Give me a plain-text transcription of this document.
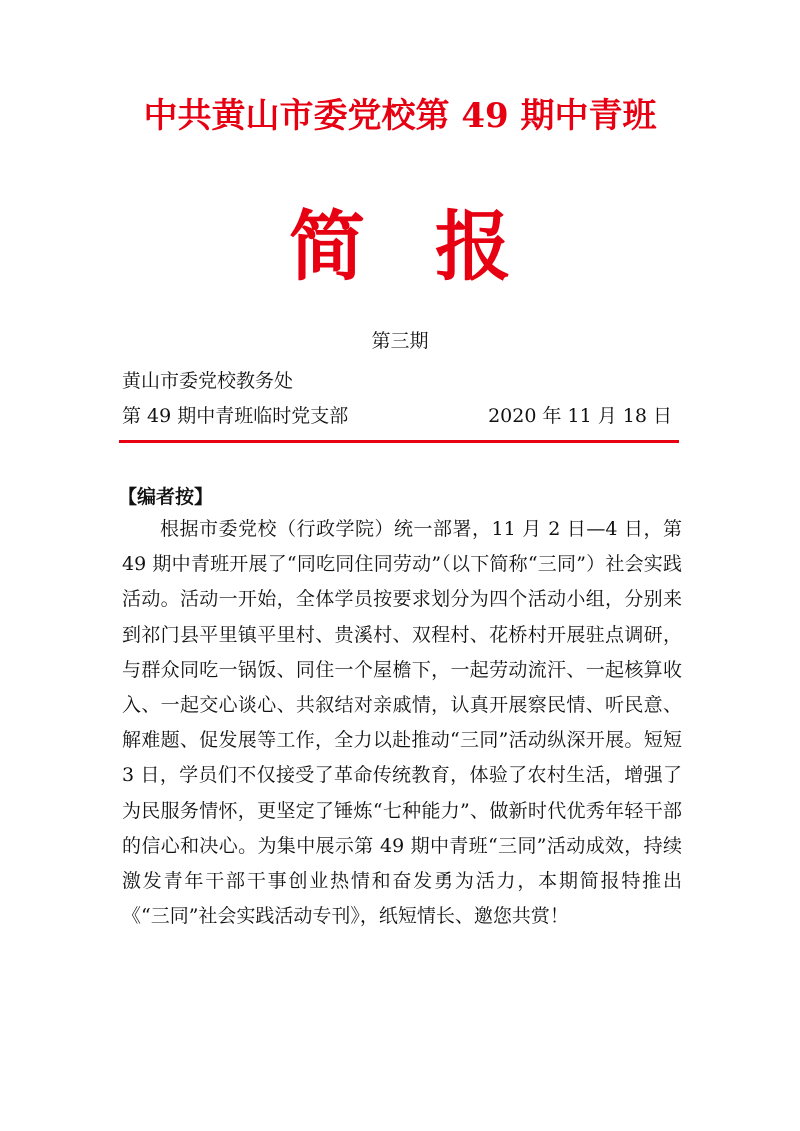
中共黄山市委党校第 49 期中青班
简报
第三期
黄山市委党校教务处
第 49 期中青班临时党支部	2020 年 11 月 18 日
【编者按】

根据市委党校（行政学院）统一部署，11 月 2 日—4 日，第 49 期中青班开展了“同吃同住同劳动”（以下简称“三同”）社会实践活动。活动一开始，全体学员按要求划分为四个活动小组，分别来到祁门县平里镇平里村、贵溪村、双程村、花桥村开展驻点调研，与群众同吃一锅饭、同住一个屋檐下，一起劳动流汗、一起核算收入、一起交心谈心、共叙结对亲戚情，认真开展察民情、听民意、解难题、促发展等工作，全力以赴推动“三同”活动纵深开展。短短 3 日，学员们不仅接受了革命传统教育，体验了农村生活，增强了为民服务情怀，更坚定了锤炼“七种能力”、做新时代优秀年轻干部的信心和决心。为集中展示第 49 期中青班“三同”活动成效，持续激发青年干部干事创业热情和奋发勇为活力，本期简报特推出《“三同”社会实践活动专刊》，纸短情长、邀您共赏！
